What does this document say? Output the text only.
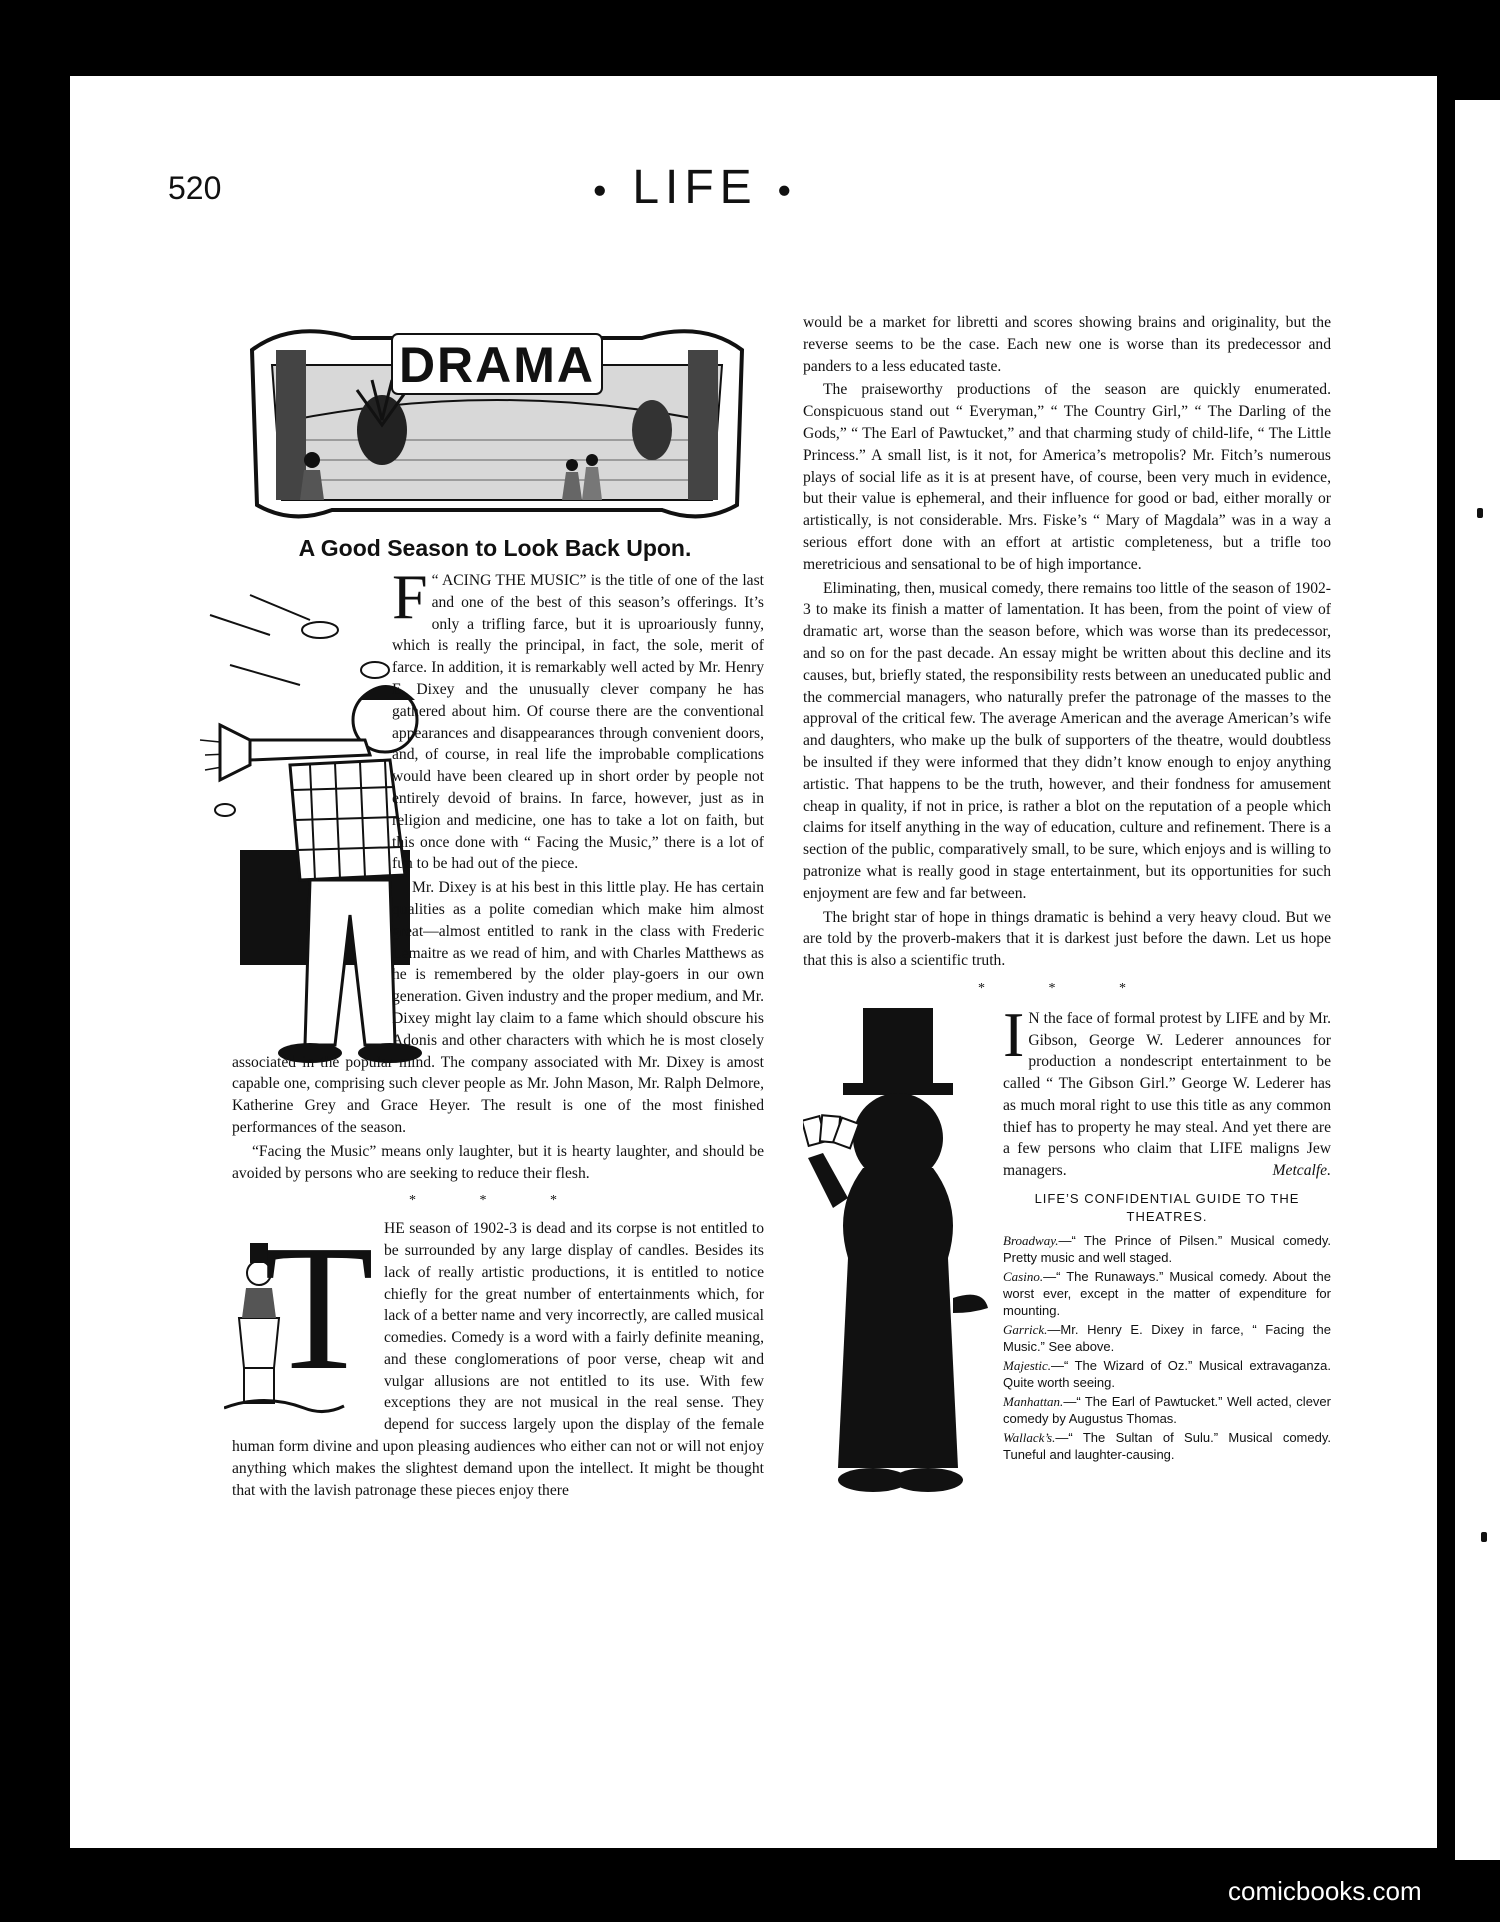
520	● LIFE ●
DRAMA
A Good Season to Look Back Upon.

F “ ACING THE MUSIC” is the title of one of the last and one of the best of this season’s offerings. It’s only a trifling farce, but it is uproariously funny, which is really the principal, in fact, the sole, merit of farce. In addition, it is remarkably well acted by Mr. Henry E. Dixey and the unusually clever company he has gathered about him. Of course there are the conventional appearances and disappearances through convenient doors, and, of course, in real life the improbable complications would have been cleared up in short order by people not entirely devoid of brains. In farce, however, just as in religion and medicine, one has to take a lot on faith, but this once done with “ Facing the Music,” there is a lot of fun to be had out of the piece.

Mr. Dixey is at his best in this little play. He has certain qualities as a polite comedian which make him almost great—almost entitled to rank in the class with Frederic Lemaitre as we read of him, and with Charles Matthews as he is remembered by the older play-goers in our own generation. Given industry and the proper medium, and Mr. Dixey might lay claim to a fame which should obscure his Adonis and other characters with which he is most closely associated in the popular mind. The company associated with Mr. Dixey is amost capable one, comprising such clever people as Mr. John Mason, Mr. Ralph Delmore, Katherine Grey and Grace Heyer. The result is one of the most finished performances of the season.

“Facing the Music” means only laughter, but it is hearty laughter, and should be avoided by persons who are seeking to reduce their flesh.

* * *
T HE season of 1902-3 is dead and its corpse is not entitled to be surrounded by any large display of candles. Besides its lack of really artistic productions, it is entitled to notice chiefly for the great number of entertainments which, for lack of a better name and very incorrectly, are called musical comedies. Comedy is a word with a fairly definite meaning, and these conglomerations of poor verse, cheap wit and vulgar allusions are not entitled to its use. With few exceptions they are not musical in the real sense. They depend for success largely upon the display of the female human form divine and upon pleasing audiences who either can not or will not enjoy anything which makes the slightest demand upon the intellect. It might be thought that with the lavish patronage these pieces enjoy there

would be a market for libretti and scores showing brains and originality, but the reverse seems to be the case. Each new one is worse than its predecessor and panders to a less educated taste.

The praiseworthy productions of the season are quickly enumerated. Conspicuous stand out “ Everyman,” “ The Country Girl,” “ The Darling of the Gods,” “ The Earl of Pawtucket,” and that charming study of child-life, “ The Little Princess.” A small list, is it not, for America’s metropolis? Mr. Fitch’s numerous plays of social life as it is at present have, of course, been very much in evidence, but their value is ephemeral, and their influence for good or bad, either morally or artistically, is not considerable. Mrs. Fiske’s “ Mary of Magdala” was in a way a serious effort done with an effort at artistic completeness, but a trifle too meretricious and sensational to be of high importance.

Eliminating, then, musical comedy, there remains too little of the season of 1902-3 to make its finish a matter of lamentation. It has been, from the point of view of dramatic art, worse than the season before, which was worse than its predecessor, and so on for the past decade. An essay might be written about this decline and its causes, but, briefly stated, the responsibility rests between an uneducated public and the commercial managers, who naturally prefer the patronage of the masses to the approval of the critical few. The average American and the average American’s wife and daughters, who make up the bulk of supporters of the theatre, would doubtless be insulted if they were informed that they didn’t know enough to enjoy anything artistic. That happens to be the truth, however, and their fondness for amusement cheap in quality, if not in price, is rather a blot on the reputation of a people which claims for itself anything in the way of education, culture and refinement. There is a section of the public, comparatively small, to be sure, which enjoys and is willing to patronize what is really good in stage entertainment, but its opportunities for such enjoyment are few and far between.

The bright star of hope in things dramatic is behind a very heavy cloud. But we are told by the proverb-makers that it is darkest just before the dawn. Let us hope that this is also a scientific truth.

* * *

I N the face of formal protest by LIFE and by Mr. Gibson, George W. Lederer announces for production a nondescript entertainment to be called “ The Gibson Girl.” George W. Lederer has as much moral right to use this title as any common thief has to property he may steal. And yet there are a few persons who claim that LIFE maligns Jew managers.	Metcalfe.

LIFE’S CONFIDENTIAL GUIDE TO THE THEATRES.

Broadway.—“ The Prince of Pilsen.” Musical comedy. Pretty music and well staged.

Casino.—“ The Runaways.” Musical comedy. About the worst ever, except in the matter of expenditure for mounting.

Garrick.—Mr. Henry E. Dixey in farce, “ Facing the Music.” See above.

Majestic.—“ The Wizard of Oz.” Musical extravaganza. Quite worth seeing.

Manhattan.—“ The Earl of Pawtucket.” Well acted, clever comedy by Augustus Thomas.

Wallack’s.—“ The Sultan of Sulu.” Musical comedy. Tuneful and laughter-causing.

comicbooks.com
